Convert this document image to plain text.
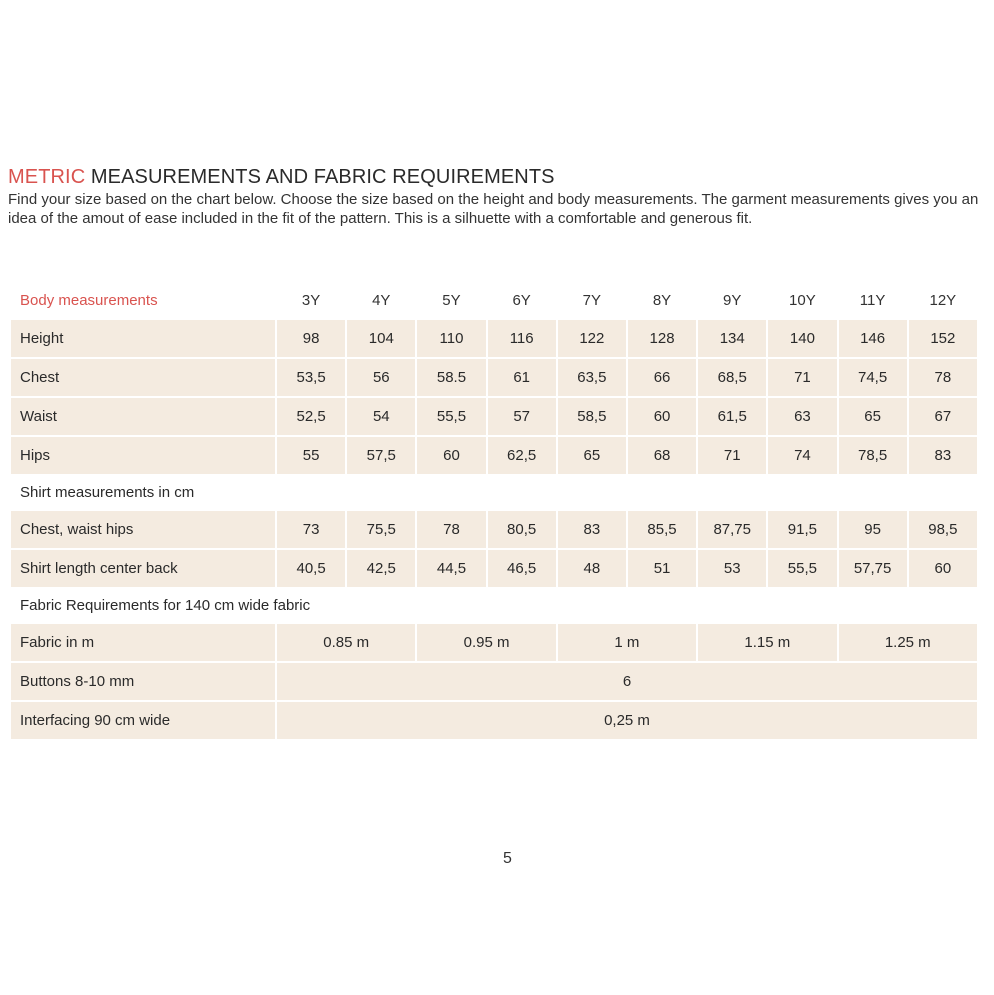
METRIC MEASUREMENTS AND FABRIC REQUIREMENTS

Find your size based on the chart below. Choose the size based on the height and body measurements. The garment measurements gives you an idea of the amout of ease included in the fit of the pattern. This is a silhuette with a comfortable and generous fit.

Body measurements	3Y	4Y	5Y	6Y	7Y	8Y	9Y	10Y	11Y	12Y
Height	98	104	110	116	122	128	134	140	146	152
Chest	53,5	56	58.5	61	63,5	66	68,5	71	74,5	78
Waist	52,5	54	55,5	57	58,5	60	61,5	63	65	67
Hips	55	57,5	60	62,5	65	68	71	74	78,5	83
Shirt measurements in cm										
Chest, waist hips	73	75,5	78	80,5	83	85,5	87,75	91,5	95	98,5
Shirt length center back	40,5	42,5	44,5	46,5	48	51	53	55,5	57,75	60
Fabric Requirements for 140 cm wide fabric										
Fabric in m	0.85 m		0.95 m		1 m		1.15 m		1.25 m	
Buttons 8-10 mm	6									
Interfacing 90 cm wide	0,25 m									
5
